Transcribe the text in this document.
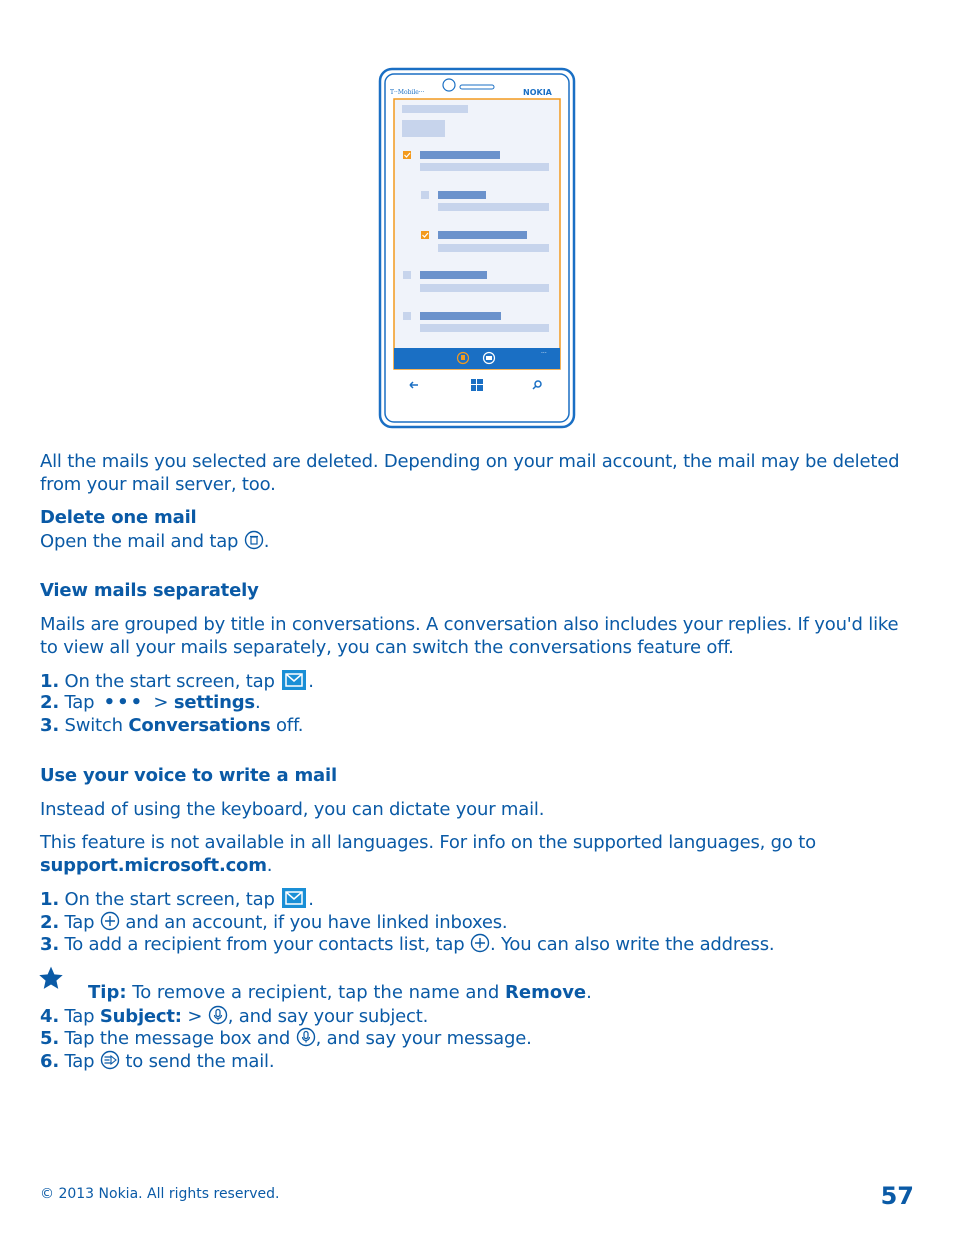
T··Mobile···	NOKIA
···

All the mails you selected are deleted. Depending on your mail account, the mail may be deleted from your mail server, too.

Delete one mail

Open the mail and tap .

View mails separately

Mails are grouped by title in conversations. A conversation also includes your replies. If you'd like to view all your mails separately, you can switch the conversations feature off.

1. On the start screen, tap
.

2. Tap ••• > settings.

3. Switch Conversations off.

Use your voice to write a mail

Instead of using the keyboard, you can dictate your mail.

This feature is not available in all languages. For info on the supported languages, go to
support.microsoft.com.

1. On the start screen, tap
.

2. Tap  and an account, if you have linked inboxes.

3. To add a recipient from your contacts list, tap . You can also write the address.

Tip: To remove a recipient, tap the name and Remove.

4. Tap Subject: > , and say your subject.

5. Tap the message box and , and say your message.

6. Tap  to send the mail.

© 2013 Nokia. All rights reserved.	57
